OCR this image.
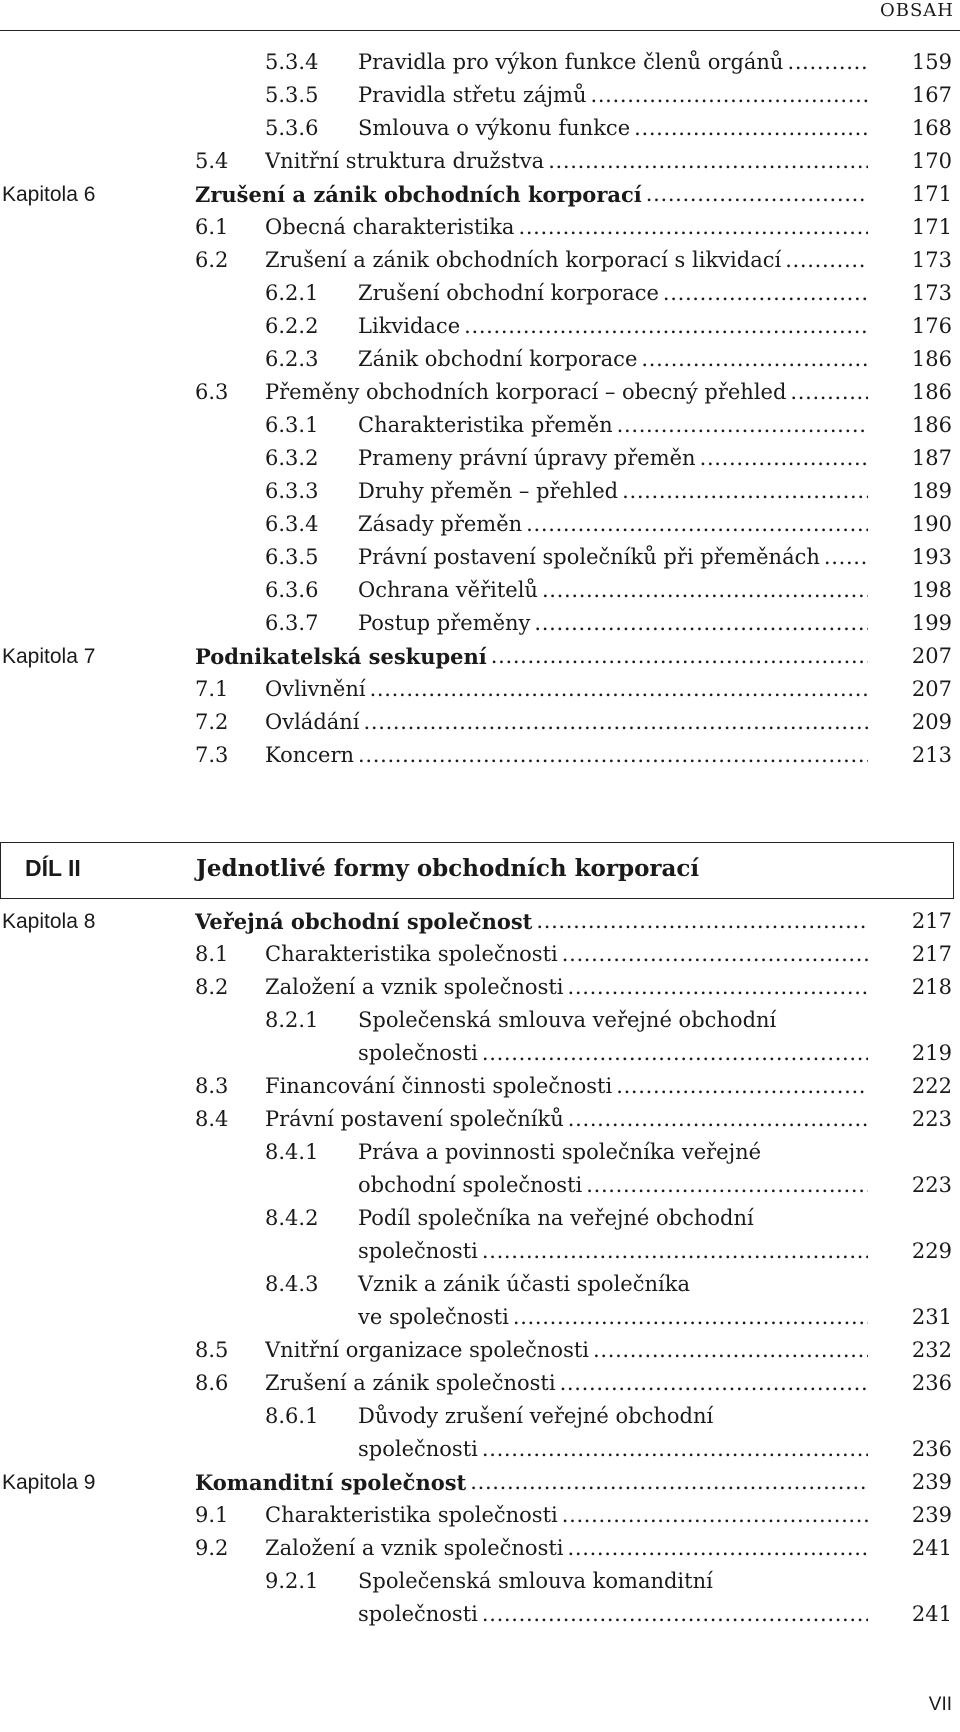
OBSAH
5.3.4 Pravidla pro výkon funkce členů orgánů . . .	159
5.3.5 Pravidla střetu zájmů . . .	167
5.3.6 Smlouva o výkonu funkce . . .	168
5.4 Vnitřní struktura družstva . . .	170
Kapitola 6	Zrušení a zánik obchodních korporací . . .	171
6.1 Obecná charakteristika . . .	171
6.2 Zrušení a zánik obchodních korporací s likvidací . . .	173
6.2.1 Zrušení obchodní korporace . . .	173
6.2.2 Likvidace . . .	176
6.2.3 Zánik obchodní korporace . . .	186
6.3 Přeměny obchodních korporací – obecný přehled . . .	186
6.3.1 Charakteristika přeměn . . .	186
6.3.2 Prameny právní úpravy přeměn . . .	187
6.3.3 Druhy přeměn – přehled . . .	189
6.3.4 Zásady přeměn . . .	190
6.3.5 Právní postavení společníků při přeměnách . . .	193
6.3.6 Ochrana věřitelů . . .	198
6.3.7 Postup přeměny . . .	199
Kapitola 7	Podnikatelská seskupení . . .	207
7.1 Ovlivnění . . .	207
7.2 Ovládání . . .	209
7.3 Koncern . . .	213
DÍL II	Jednotlivé formy obchodních korporací
Kapitola 8	Veřejná obchodní společnost . . .	217
8.1 Charakteristika společnosti . . .	217
8.2 Založení a vznik společnosti . . .	218
8.2.1 Společenská smlouva veřejné obchodní
společnosti . . .	219
8.3 Financování činnosti společnosti . . .	222
8.4 Právní postavení společníků . . .	223
8.4.1 Práva a povinnosti společníka veřejné
obchodní společnosti . . .	223
8.4.2 Podíl společníka na veřejné obchodní
společnosti . . .	229
8.4.3 Vznik a zánik účasti společníka
ve společnosti . . .	231
8.5 Vnitřní organizace společnosti . . .	232
8.6 Zrušení a zánik společnosti . . .	236
8.6.1 Důvody zrušení veřejné obchodní
společnosti . . .	236
Kapitola 9	Komanditní společnost . . .	239
9.1 Charakteristika společnosti . . .	239
9.2 Založení a vznik společnosti . . .	241
9.2.1 Společenská smlouva komanditní
společnosti . . .	241
VII
